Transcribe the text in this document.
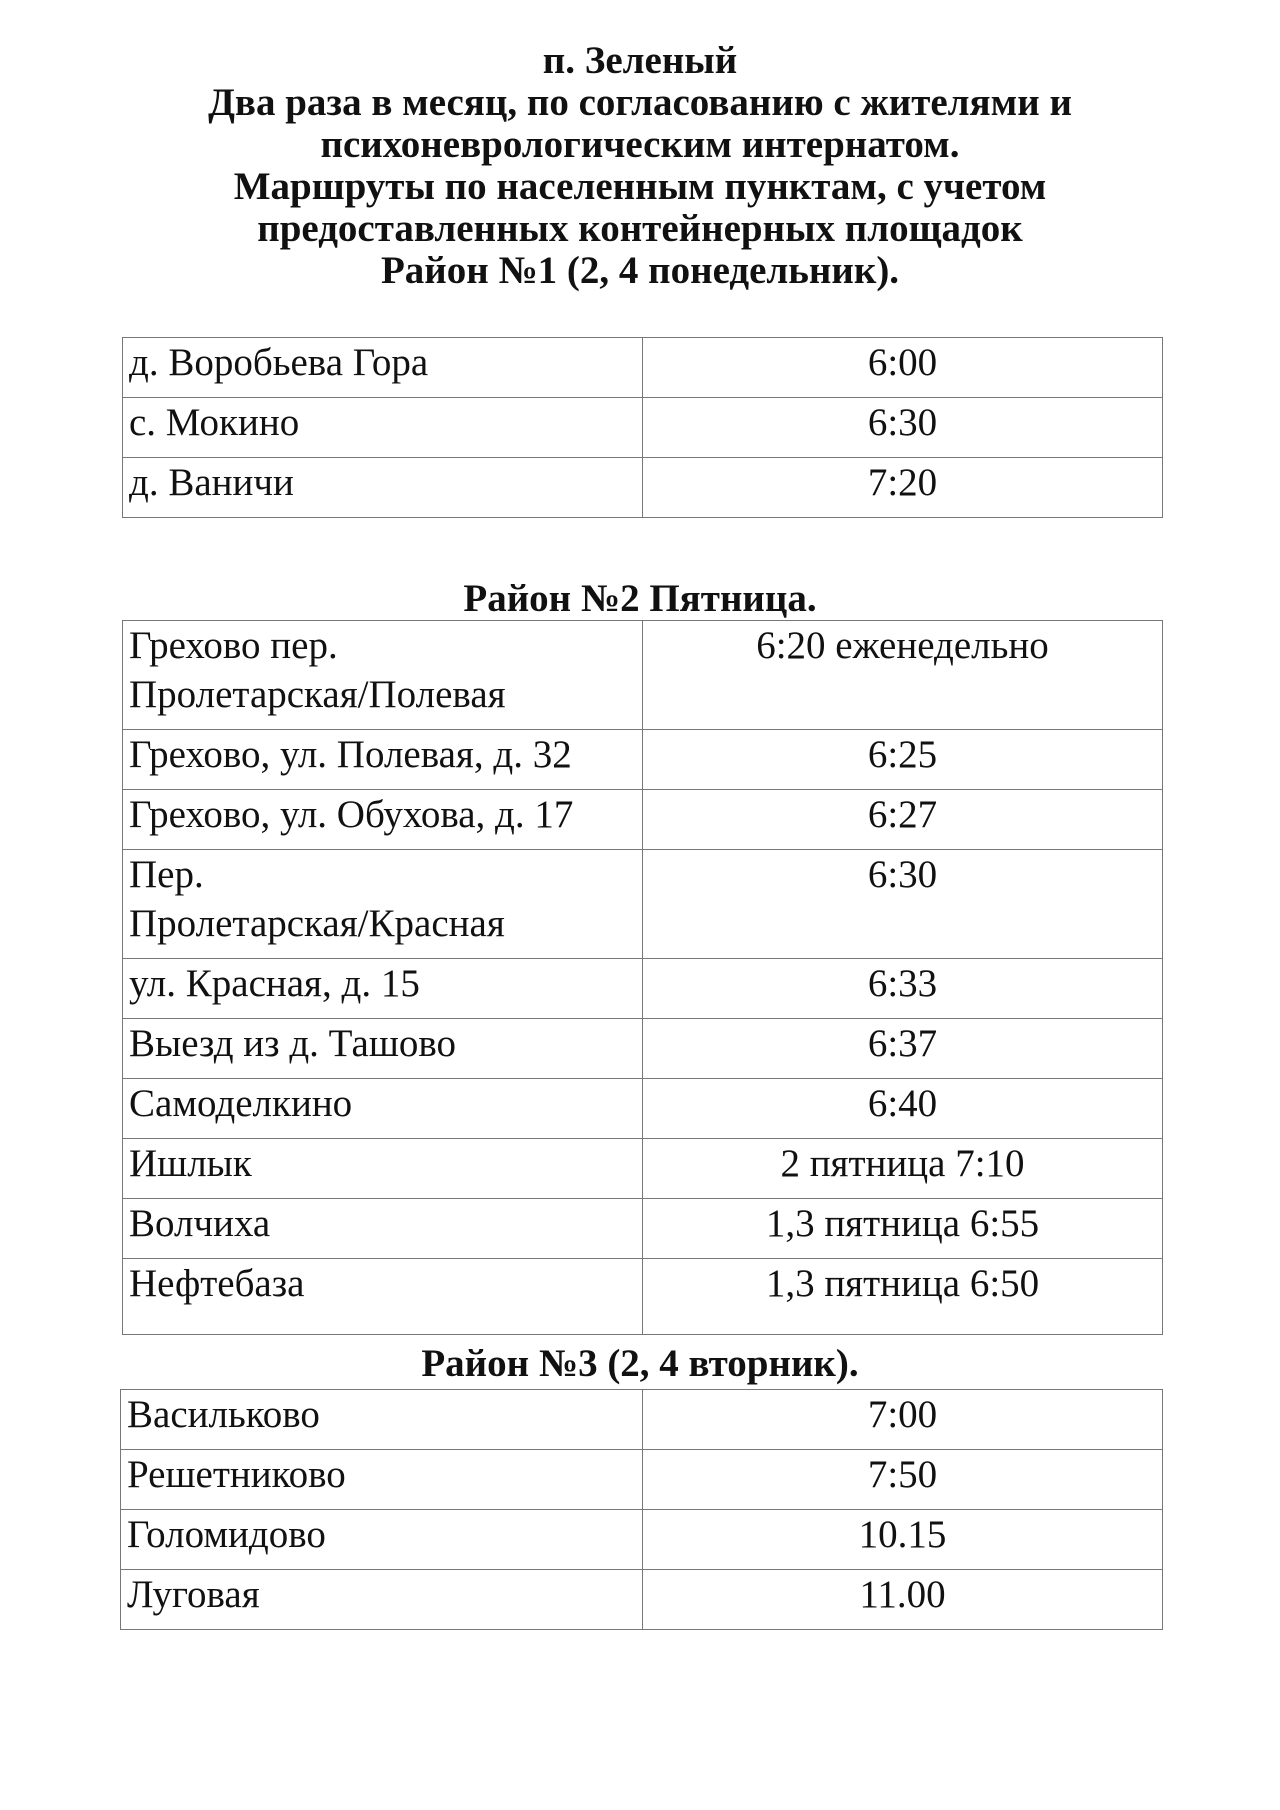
п. Зеленый
Два раза в месяц, по согласованию с жителями и
психоневрологическим интернатом.
Маршруты по населенным пунктам, с учетом
предоставленных контейнерных площадок
Район №1 (2, 4 понедельник).
д. Воробьева Гора	6:00
с. Мокино	6:30
д. Ваничи	7:20
Район №2 Пятница.
Грехово пер.
Пролетарская/Полевая	6:20 еженедельно
Грехово, ул. Полевая, д. 32	6:25
Грехово, ул. Обухова, д. 17	6:27

Пер.
Пролетарская/Красная	6:30
ул. Красная, д. 15	6:33
Выезд из д. Ташово	6:37
Самоделкино	6:40
Ишлык	2 пятница 7:10
Волчиха	1,3 пятница 6:55
Нефтебаза	1,3 пятница 6:50
Район №3 (2, 4 вторник).
Васильково	7:00
Решетниково	7:50
Голомидово	10.15
Луговая	11.00
